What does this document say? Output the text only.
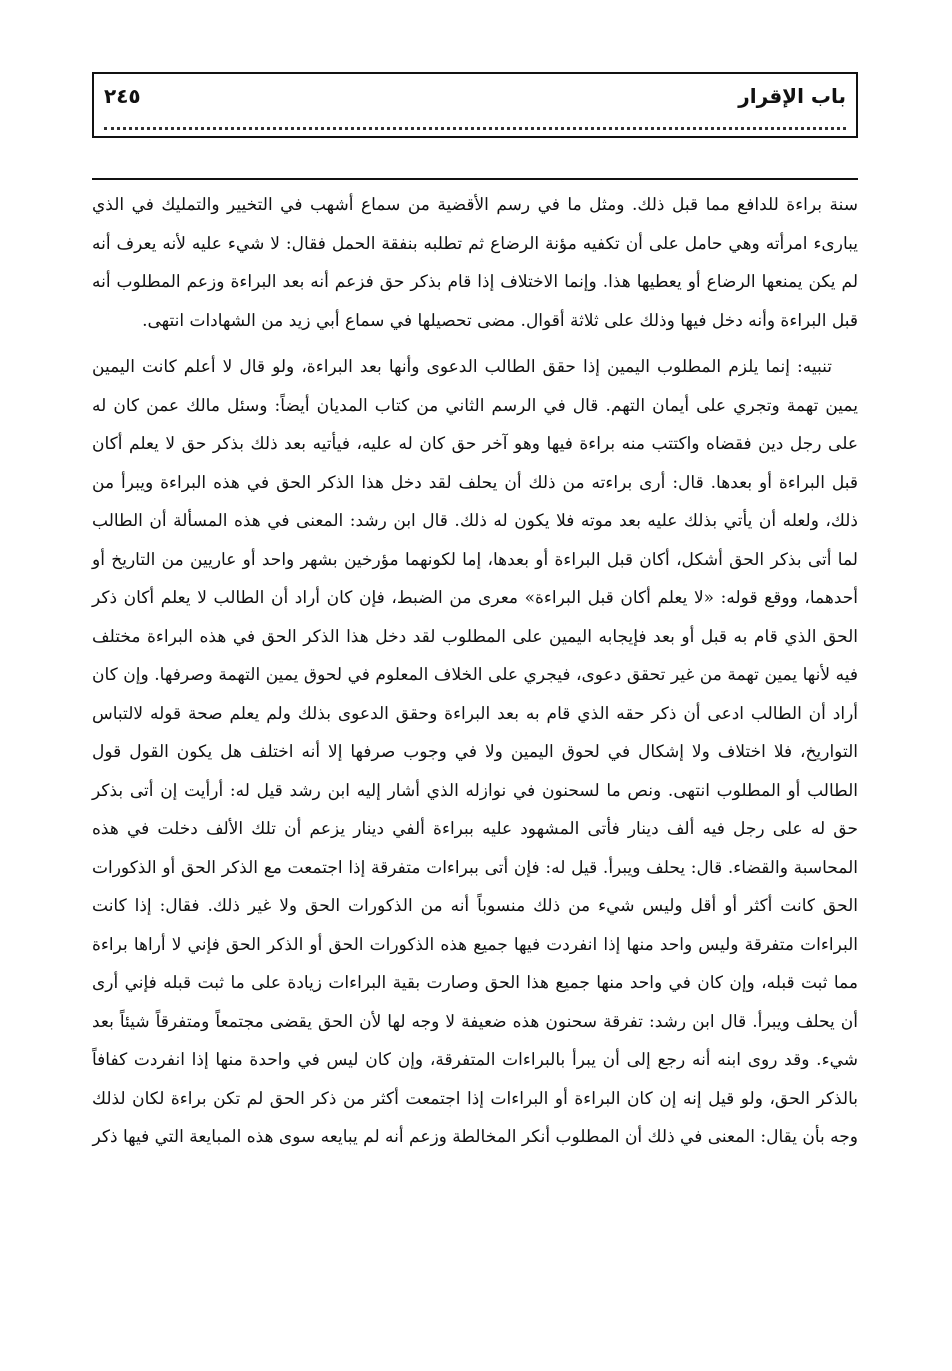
باب الإقرار
٢٤٥

سنة براءة للدافع مما قبل ذلك. ومثل ما في رسم الأقضية من سماع أشهب في التخيير والتمليك في الذي يبارىء امرأته وهي حامل على أن تكفيه مؤنة الرضاع ثم تطلبه بنفقة الحمل فقال: لا شيء عليه لأنه يعرف أنه لم يكن يمنعها الرضاع أو يعطيها هذا. وإنما الاختلاف إذا قام بذكر حق فزعم أنه بعد البراءة وزعم المطلوب أنه قبل البراءة وأنه دخل فيها وذلك على ثلاثة أقوال. مضى تحصيلها في سماع أبي زيد من الشهادات انتهى.

تنبيه: إنما يلزم المطلوب اليمين إذا حقق الطالب الدعوى وأنها بعد البراءة، ولو قال لا أعلم كانت اليمين يمين تهمة وتجري على أيمان التهم. قال في الرسم الثاني من كتاب المديان أيضاً: وسئل مالك عمن كان له على رجل دين فقضاه واكتتب منه براءة فيها وهو آخر حق كان له عليه، فيأتيه بعد ذلك بذكر حق لا يعلم أكان قبل البراءة أو بعدها. قال: أرى براءته من ذلك أن يحلف لقد دخل هذا الذكر الحق في هذه البراءة ويبرأ من ذلك، ولعله أن يأتي بذلك عليه بعد موته فلا يكون له ذلك. قال ابن رشد: المعنى في هذه المسألة أن الطالب لما أتى بذكر الحق أشكل، أكان قبل البراءة أو بعدها، إما لكونهما مؤرخين بشهر واحد أو عاريين من التاريخ أو أحدهما، ووقع قوله: «لا يعلم أكان قبل البراءة» معرى من الضبط، فإن كان أراد أن الطالب لا يعلم أكان ذكر الحق الذي قام به قبل أو بعد فإيجابه اليمين على المطلوب لقد دخل هذا الذكر الحق في هذه البراءة مختلف فيه لأنها يمين تهمة من غير تحقق دعوى، فيجري على الخلاف المعلوم في لحوق يمين التهمة وصرفها. وإن كان أراد أن الطالب ادعى أن ذكر حقه الذي قام به بعد البراءة وحقق الدعوى بذلك ولم يعلم صحة قوله لالتباس التواريخ، فلا اختلاف ولا إشكال في لحوق اليمين ولا في وجوب صرفها إلا أنه اختلف هل يكون القول قول الطالب أو المطلوب انتهى. ونص ما لسحنون في نوازله الذي أشار إليه ابن رشد قيل له: أرأيت إن أتى بذكر حق له على رجل فيه ألف دينار فأتى المشهود عليه ببراءة ألفي دينار يزعم أن تلك الألف دخلت في هذه المحاسبة والقضاء. قال: يحلف ويبرأ. قيل له: فإن أتى ببراءات متفرقة إذا اجتمعت مع الذكر الحق أو الذكورات الحق كانت أكثر أو أقل وليس شيء من ذلك منسوباً أنه من الذكورات الحق ولا غير ذلك. فقال: إذا كانت البراءات متفرقة وليس واحد منها إذا انفردت فيها جميع هذه الذكورات الحق أو الذكر الحق فإني لا أراها براءة مما ثبت قبله، وإن كان في واحد منها جميع هذا الحق وصارت بقية البراءات زيادة على ما ثبت قبله فإني أرى أن يحلف ويبرأ. قال ابن رشد: تفرقة سحنون هذه ضعيفة لا وجه لها لأن الحق يقضى مجتمعاً ومتفرقاً شيئاً بعد شيء. وقد روى ابنه أنه رجع إلى أن يبرأ بالبراءات المتفرقة، وإن كان ليس في واحدة منها إذا انفردت كفافاً بالذكر الحق، ولو قيل إنه إن كان البراءة أو البراءات إذا اجتمعت أكثر من ذكر الحق لم تكن براءة لكان لذلك وجه بأن يقال: المعنى في ذلك أن المطلوب أنكر المخالطة وزعم أنه لم يبايعه سوى هذه المبايعة التي فيها ذكر
